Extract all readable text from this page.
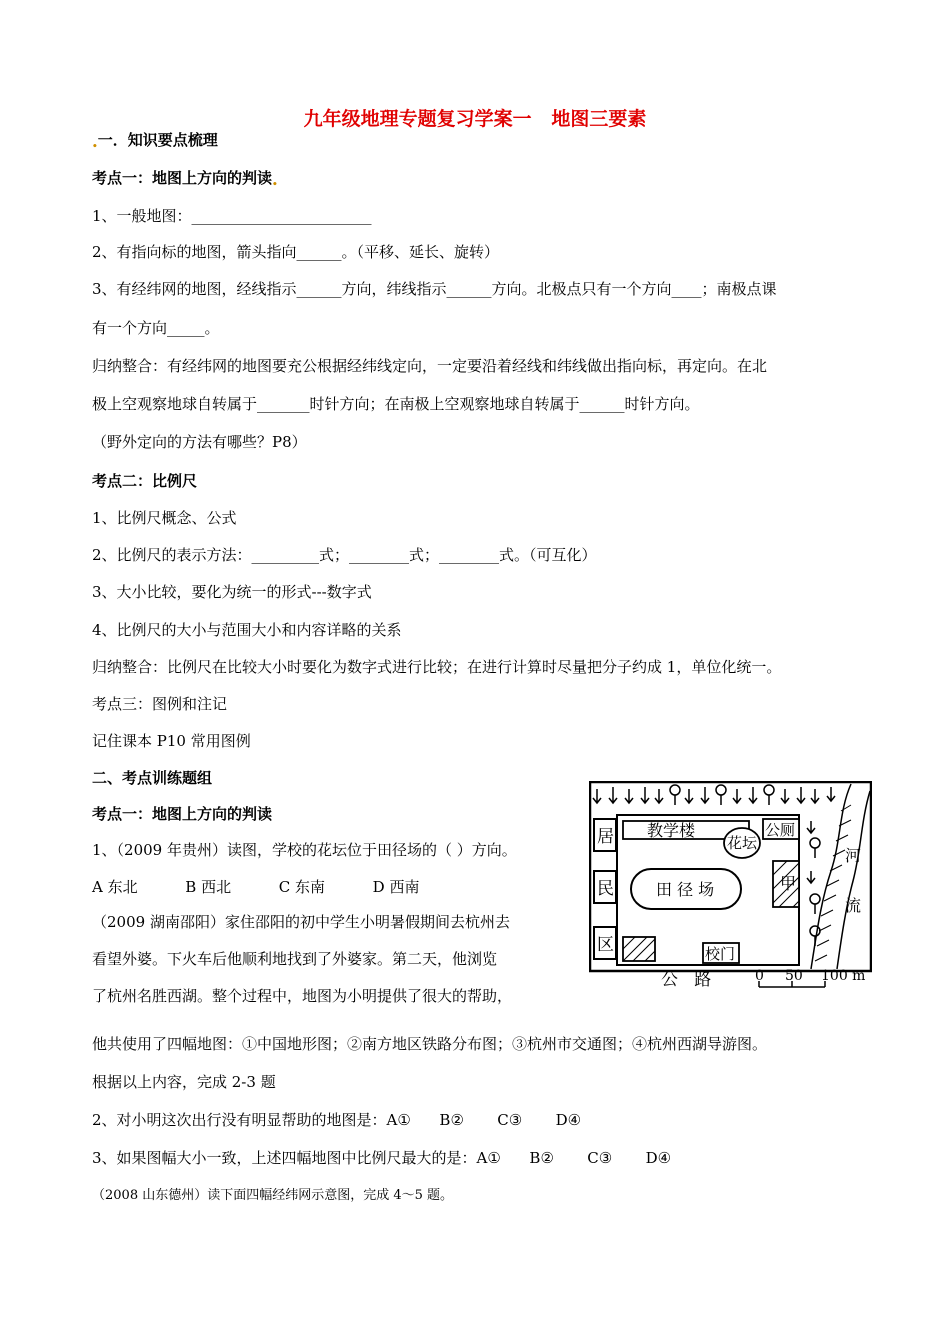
九年级地理专题复习学案一   地图三要素
$_•$一．知识要点梳理
考点一：地图上方向的判读$_•$
1、一般地图：________________________
2、有指向标的地图，箭头指向______。（平移、延长、旋转）
3、有经纬网的地图，经线指示______方向，纬线指示______方向。北极点只有一个方向____；南极点课
有一个方向_____。
归纳整合：有经纬网的地图要充公根据经纬线定向，一定要沿着经线和纬线做出指向标，再定向。在北
极上空观察地球自转属于_______时针方向；在南极上空观察地球自转属于______时针方向。
（野外定向的方法有哪些？P8）
考点二：比例尺
1、比例尺概念、公式
2、比例尺的表示方法：_________式；________式；________式。（可互化）
3、大小比较，要化为统一的形式---数字式
4、比例尺的大小与范围大小和内容详略的关系
归纳整合：比例尺在比较大小时要化为数字式进行比较；在进行计算时尽量把分子约成 1，单位化统一。
考点三：图例和注记
记住课本 P10 常用图例
二、考点训练题组
考点一：地图上方向的判读
1、（2009 年贵州）读图，学校的花坛位于田径场的（ ）方向。
A 东北          B 西北          C 东南          D 西南
（2009 湖南邵阳）家住邵阳的初中学生小明暑假期间去杭州去
看望外婆。下火车后他顺利地找到了外婆家。第二天，他浏览
了杭州名胜西湖。整个过程中，地图为小明提供了很大的帮助，
他共使用了四幅地图：①中国地形图；②南方地区铁路分布图；③杭州市交通图；④杭州西湖导游图。
根据以上内容，完成 2-3 题
2、对小明这次出行没有明显帮助的地图是：A①      B②       C③       D④
3、如果图幅大小一致，上述四幅地图中比例尺最大的是：A①      B②       C③       D④
（2008 山东德州）读下面四幅经纬网示意图，完成 4～5 题。
河
流
居
民
区
教学楼
花坛
公厕
田 径 场	甲
校门
公   路	0 50 100 m
